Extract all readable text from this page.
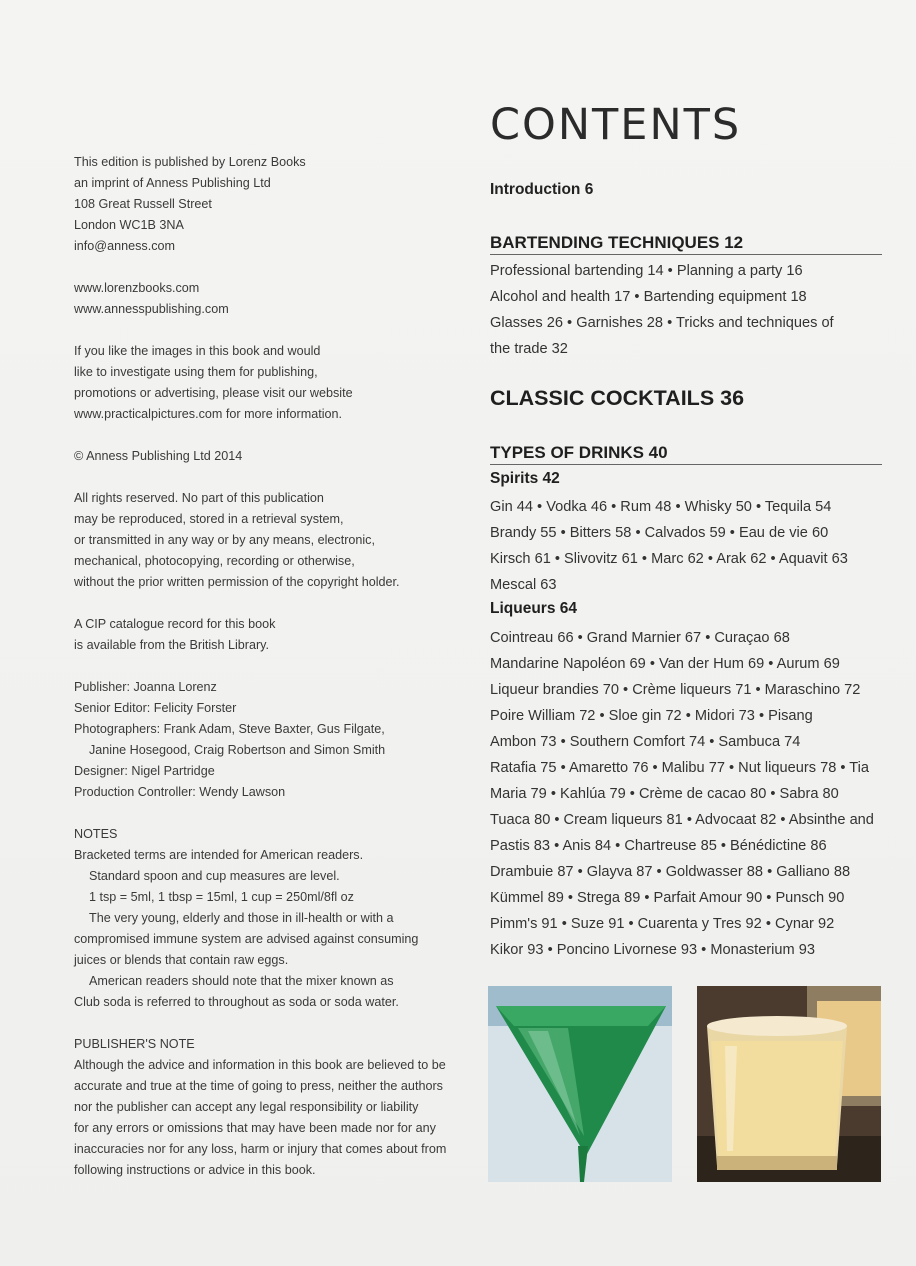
This edition is published by Lorenz Books

an imprint of Anness Publishing Ltd

108 Great Russell Street

London WC1B 3NA

info@anness.com

www.lorenzbooks.com

www.annesspublishing.com

If you like the images in this book and would

like to investigate using them for publishing,

promotions or advertising, please visit our website

www.practicalpictures.com for more information.

© Anness Publishing Ltd 2014

All rights reserved. No part of this publication

may be reproduced, stored in a retrieval system,

or transmitted in any way or by any means, electronic,

mechanical, photocopying, recording or otherwise,

without the prior written permission of the copyright holder.

A CIP catalogue record for this book

is available from the British Library.

Publisher: Joanna Lorenz

Senior Editor: Felicity Forster

Photographers: Frank Adam, Steve Baxter, Gus Filgate,

Janine Hosegood, Craig Robertson and Simon Smith

Designer: Nigel Partridge

Production Controller: Wendy Lawson

NOTES

Bracketed terms are intended for American readers.

Standard spoon and cup measures are level.

1 tsp = 5ml, 1 tbsp = 15ml, 1 cup = 250ml/8fl oz

The very young, elderly and those in ill-health or with a

compromised immune system are advised against consuming

juices or blends that contain raw eggs.

American readers should note that the mixer known as

Club soda is referred to throughout as soda or soda water.

PUBLISHER'S NOTE

Although the advice and information in this book are believed to be

accurate and true at the time of going to press, neither the authors

nor the publisher can accept any legal responsibility or liability

for any errors or omissions that may have been made nor for any

inaccuracies nor for any loss, harm or injury that comes about from

following instructions or advice in this book.

CONTENTS
Introduction 6
BARTENDING TECHNIQUES 12
Professional bartending 14 • Planning a party 16
Alcohol and health 17 • Bartending equipment 18
Glasses 26 • Garnishes 28 • Tricks and techniques of
the trade 32
CLASSIC COCKTAILS 36
TYPES OF DRINKS 40
Spirits 42
Gin 44 • Vodka 46 • Rum 48 • Whisky 50 • Tequila 54
Brandy 55 • Bitters 58 • Calvados 59 • Eau de vie 60
Kirsch 61 • Slivovitz 61 • Marc 62 • Arak 62 • Aquavit 63
Mescal 63
Liqueurs 64
Cointreau 66 • Grand Marnier 67 • Curaçao 68
Mandarine Napoléon 69 • Van der Hum 69 • Aurum 69
Liqueur brandies 70 • Crème liqueurs 71 • Maraschino 72
Poire William 72 • Sloe gin 72 • Midori 73 • Pisang
Ambon 73 • Southern Comfort 74 • Sambuca 74
Ratafia 75 • Amaretto 76 • Malibu 77 • Nut liqueurs 78 • Tia
Maria 79 • Kahlúa 79 • Crème de cacao 80 • Sabra 80
Tuaca 80 • Cream liqueurs 81 • Advocaat 82 • Absinthe and
Pastis 83 • Anis 84 • Chartreuse 85 • Bénédictine 86
Drambuie 87 • Glayva 87 • Goldwasser 88 • Galliano 88
Kümmel 89 • Strega 89 • Parfait Amour 90 • Punsch 90
Pimm's 91 • Suze 91 • Cuarenta y Tres 92 • Cynar 92
Kikor 93 • Poncino Livornese 93 • Monasterium 93
